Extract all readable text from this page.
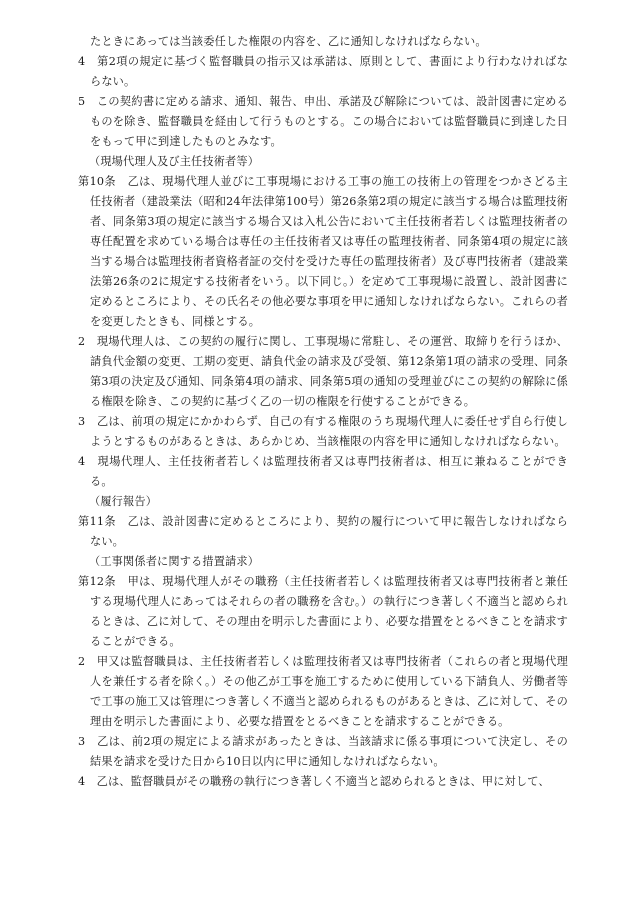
たときにあっては当該委任した権限の内容を、乙に通知しなければならない。

4　第2項の規定に基づく監督職員の指示又は承諾は、原則として、書面により行わなければならない。

5　この契約書に定める請求、通知、報告、申出、承諾及び解除については、設計図書に定めるものを除き、監督職員を経由して行うものとする。この場合においては監督職員に到達した日をもって甲に到達したものとみなす。

（現場代理人及び主任技術者等）

第10条　乙は、現場代理人並びに工事現場における工事の施工の技術上の管理をつかさどる主任技術者（建設業法（昭和24年法律第100号）第26条第2項の規定に該当する場合は監理技術者、同条第3項の規定に該当する場合又は入札公告において主任技術者若しくは監理技術者の専任配置を求めている場合は専任の主任技術者又は専任の監理技術者、同条第4項の規定に該当する場合は監理技術者資格者証の交付を受けた専任の監理技術者）及び専門技術者（建設業法第26条の2に規定する技術者をいう。以下同じ。）を定めて工事現場に設置し、設計図書に定めるところにより、その氏名その他必要な事項を甲に通知しなければならない。これらの者を変更したときも、同様とする。

2　現場代理人は、この契約の履行に関し、工事現場に常駐し、その運営、取締りを行うほか、請負代金額の変更、工期の変更、請負代金の請求及び受領、第12条第1項の請求の受理、同条第3項の決定及び通知、同条第4項の請求、同条第5項の通知の受理並びにこの契約の解除に係る権限を除き、この契約に基づく乙の一切の権限を行使することができる。

3　乙は、前項の規定にかかわらず、自己の有する権限のうち現場代理人に委任せず自ら行使しようとするものがあるときは、あらかじめ、当該権限の内容を甲に通知しなければならない。

4　現場代理人、主任技術者若しくは監理技術者又は専門技術者は、相互に兼ねることができる。

（履行報告）

第11条　乙は、設計図書に定めるところにより、契約の履行について甲に報告しなければならない。

（工事関係者に関する措置請求）

第12条　甲は、現場代理人がその職務（主任技術者若しくは監理技術者又は専門技術者と兼任する現場代理人にあってはそれらの者の職務を含む。）の執行につき著しく不適当と認められるときは、乙に対して、その理由を明示した書面により、必要な措置をとるべきことを請求することができる。

2　甲又は監督職員は、主任技術者若しくは監理技術者又は専門技術者（これらの者と現場代理人を兼任する者を除く。）その他乙が工事を施工するために使用している下請負人、労働者等で工事の施工又は管理につき著しく不適当と認められるものがあるときは、乙に対して、その理由を明示した書面により、必要な措置をとるべきことを請求することができる。

3　乙は、前2項の規定による請求があったときは、当該請求に係る事項について決定し、その結果を請求を受けた日から10日以内に甲に通知しなければならない。

4　乙は、監督職員がその職務の執行につき著しく不適当と認められるときは、甲に対して、
